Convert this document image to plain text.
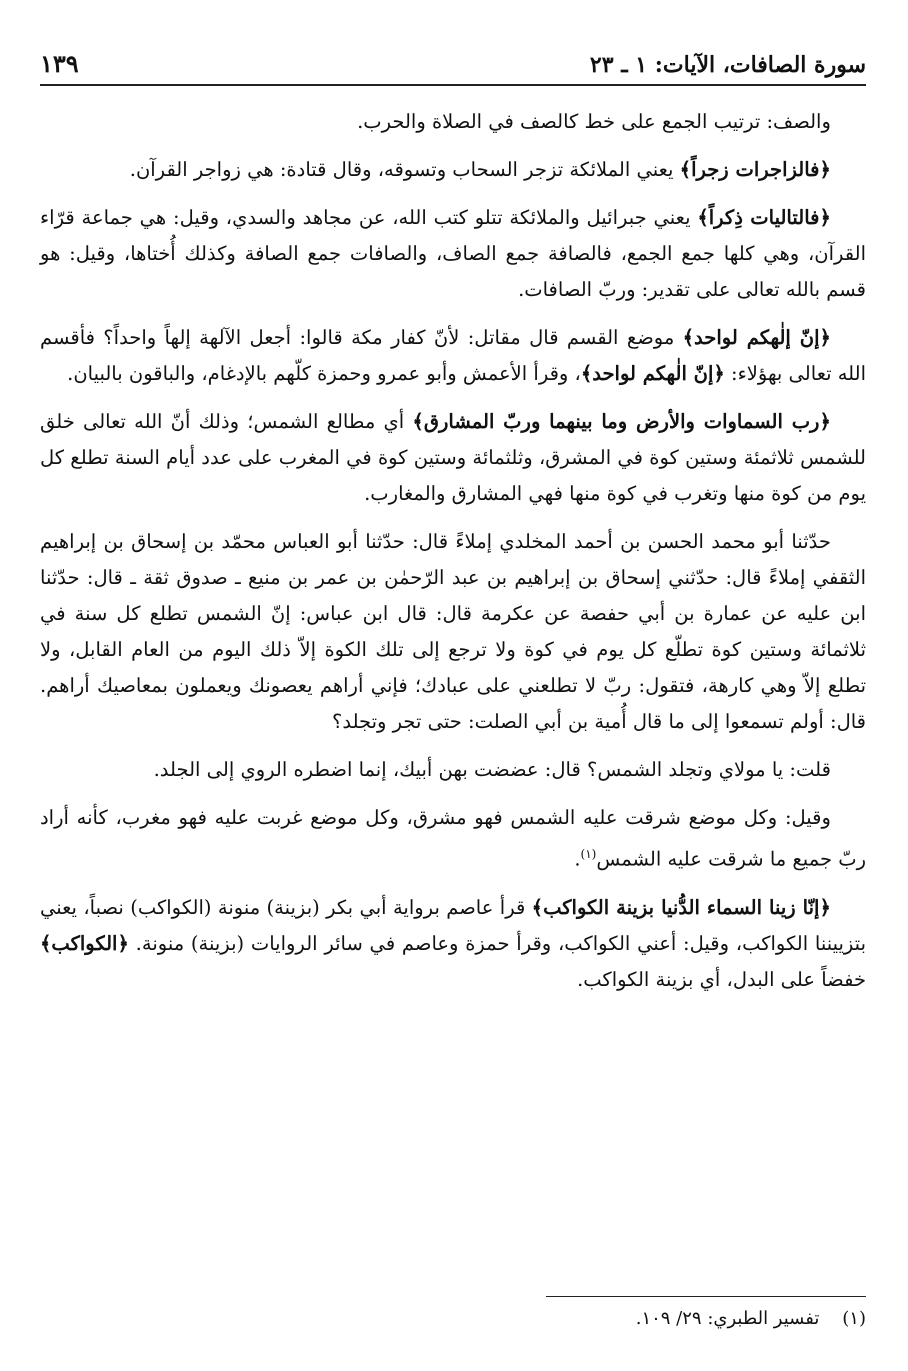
سورة الصافات، الآيات: ١ ـ ٢٣
١٣٩

والصف: ترتيب الجمع على خط كالصف في الصلاة والحرب.

﴿فالزاجرات زجراً﴾ يعني الملائكة تزجر السحاب وتسوقه، وقال قتادة: هي زواجر القرآن.

﴿فالتاليات ذِكراً﴾ يعني جبرائيل والملائكة تتلو كتب الله، عن مجاهد والسدي، وقيل: هي جماعة قرّاء القرآن، وهي كلها جمع الجمع، فالصافة جمع الصاف، والصافات جمع الصافة وكذلك أُختاها، وقيل: هو قسم بالله تعالى على تقدير: وربّ الصافات.

﴿إنّ إلٰهكم لواحد﴾ موضع القسم قال مقاتل: لأنّ كفار مكة قالوا: أجعل الآلهة إلهاً واحداً؟ فأقسم الله تعالى بهؤلاء: ﴿إنّ الٰهكم لواحد﴾، وقرأ الأعمش وأبو عمرو وحمزة كلّهم بالإدغام، والباقون بالبيان.

﴿رب السماوات والأرض وما بينهما وربّ المشارق﴾ أي مطالع الشمس؛ وذلك أنّ الله تعالى خلق للشمس ثلاثمئة وستين كوة في المشرق، وثلثمائة وستين كوة في المغرب على عدد أيام السنة تطلع كل يوم من كوة منها وتغرب في كوة منها فهي المشارق والمغارب.

حدّثنا أبو محمد الحسن بن أحمد المخلدي إملاءً قال: حدّثنا أبو العباس محمّد بن إسحاق بن إبراهيم الثقفي إملاءً قال: حدّثني إسحاق بن إبراهيم بن عبد الرّحمٰن بن عمر بن منيع ـ صدوق ثقة ـ قال: حدّثنا ابن عليه عن عمارة بن أبي حفصة عن عكرمة قال: قال ابن عباس: إنّ الشمس تطلع كل سنة في ثلاثمائة وستين كوة تطلّع كل يوم في كوة ولا ترجع إلى تلك الكوة إلاّ ذلك اليوم من العام القابل، ولا تطلع إلاّ وهي كارهة، فتقول: ربّ لا تطلعني على عبادك؛ فإني أراهم يعصونك ويعملون بمعاصيك أراهم. قال: أولم تسمعوا إلى ما قال أُمية بن أبي الصلت: حتى تجر وتجلد؟

قلت: يا مولاي وتجلد الشمس؟ قال: عضضت بهن أبيك، إنما اضطره الروي إلى الجلد.

وقيل: وكل موضع شرقت عليه الشمس فهو مشرق، وكل موضع غربت عليه فهو مغرب، كأنه أراد ربّ جميع ما شرقت عليه الشمس$^{(١)}$.

﴿إنّا زينا السماء الدُّنيا بزينة الكواكب﴾ قرأ عاصم برواية أبي بكر (بزينة) منونة (الكواكب) نصباً، يعني بتزييننا الكواكب، وقيل: أعني الكواكب، وقرأ حمزة وعاصم في سائر الروايات (بزينة) منونة. ﴿الكواكب﴾ خفضاً على البدل، أي بزينة الكواكب.

(١)    تفسير الطبري: ٢٩/ ١٠٩.
